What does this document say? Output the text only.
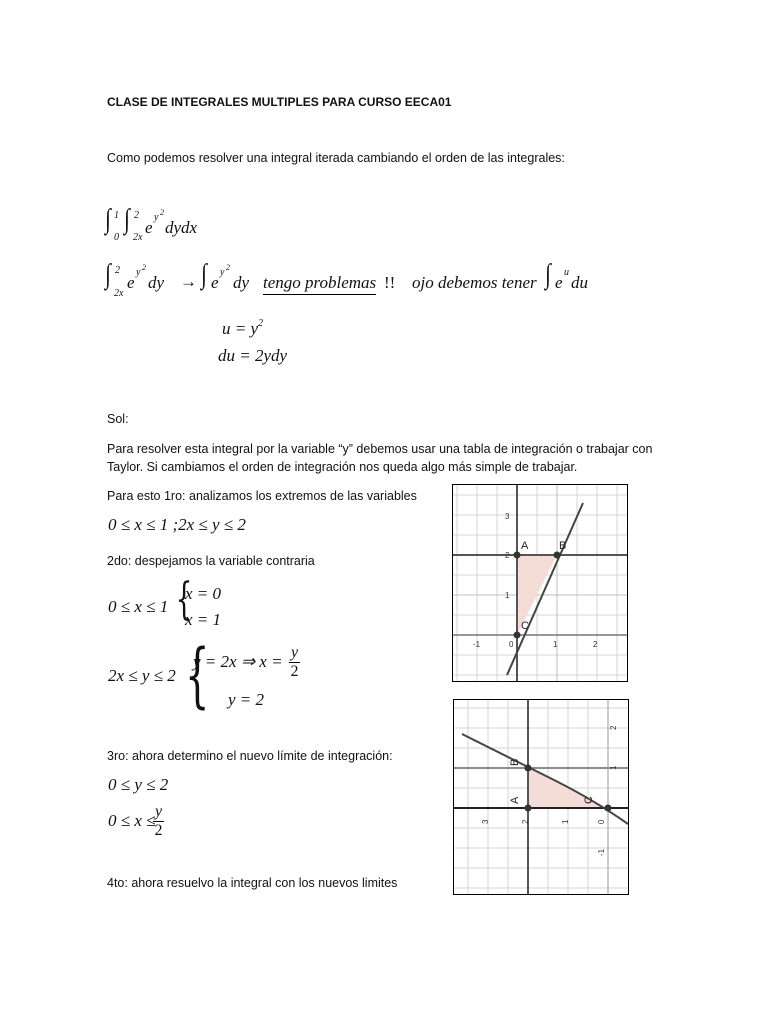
CLASE DE INTEGRALES MULTIPLES PARA CURSO EECA01
Como podemos resolver una integral iterada cambiando el orden de las integrales:
∫ 1
0
∫ 2
2x
e
y 2
dydx
∫ 2
2x
e
y 2
dy → ∫ e
y 2
dy tengo problemas !! ojo debemos tener ∫ e
u
du
$u = y^2$
du = 2ydy
Sol:
Para resolver esta integral por la variable “y” debemos usar una tabla de integración o trabajar con
Taylor. Si cambiamos el orden de integración nos queda algo más simple de trabajar.
Para esto 1ro: analizamos los extremos de las variables
0 ≤ x ≤ 1 ;2x ≤ y ≤ 2
2do: despejamos la variable contraria
0 ≤ x ≤ 1 {
x = 0
x = 1
2x ≤ y ≤ 2 {
y = 2x ⇒ $x = \frac{y}{2}$
y = 2
3ro: ahora determino el nuevo límite de integración:
0 ≤ y ≤ 2
0 ≤ x ≤
$\frac{y}{2}$
4to: ahora resuelvo la integral con los nuevos limites
A	B
C
3
2
1
-1	0	1	2
A
B
C
3	2	1	0
-1
2
1
